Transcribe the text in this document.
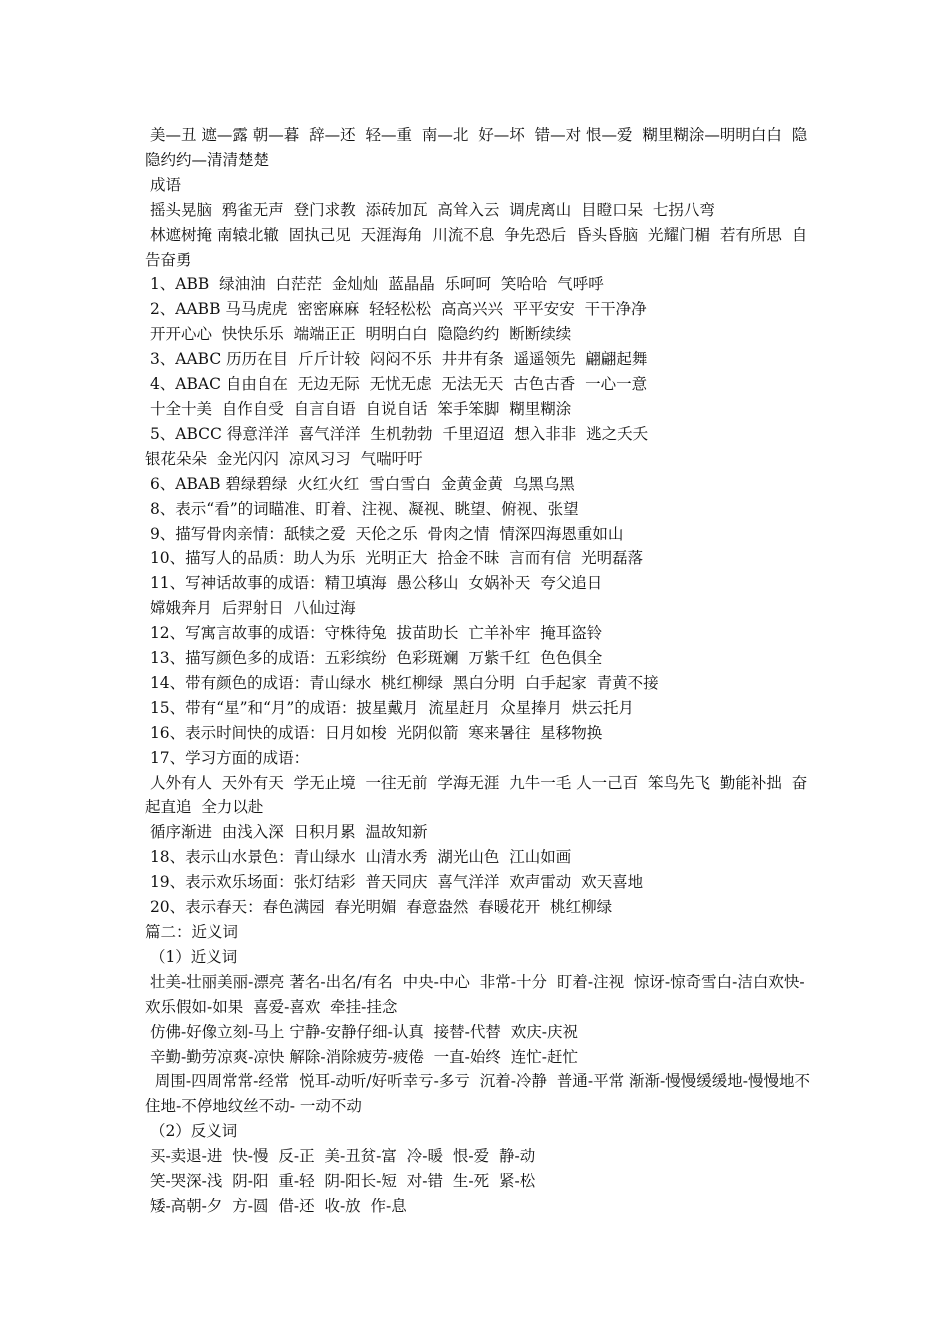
美—丑 遮—露 朝—暮  辞—还  轻—重  南—北  好—坏  错—对 恨—爱  糊里糊涂—明明白白  隐隐约约—清清楚楚

成语

摇头晃脑  鸦雀无声  登门求教  添砖加瓦  高耸入云  调虎离山  目瞪口呆  七拐八弯

林遮树掩 南辕北辙  固执己见  天涯海角  川流不息  争先恐后  昏头昏脑  光耀门楣  若有所思  自告奋勇

1、ABB  绿油油  白茫茫  金灿灿  蓝晶晶  乐呵呵  笑哈哈  气呼呼

2、AABB 马马虎虎  密密麻麻  轻轻松松  高高兴兴  平平安安  干干净净

开开心心  快快乐乐  端端正正  明明白白  隐隐约约  断断续续

3、AABC 历历在目  斤斤计较  闷闷不乐  井井有条  遥遥领先  翩翩起舞

4、ABAC 自由自在  无边无际  无忧无虑  无法无天  古色古香  一心一意

十全十美  自作自受  自言自语  自说自话  笨手笨脚  糊里糊涂

5、ABCC 得意洋洋  喜气洋洋  生机勃勃  千里迢迢  想入非非  逃之夭夭

银花朵朵  金光闪闪  凉风习习  气喘吁吁

6、ABAB 碧绿碧绿  火红火红  雪白雪白  金黄金黄  乌黑乌黑

8、表示“看”的词瞄准、盯着、注视、凝视、眺望、俯视、张望

9、描写骨肉亲情：舐犊之爱  天伦之乐  骨肉之情  情深四海恩重如山

10、描写人的品质：助人为乐  光明正大  拾金不昧  言而有信  光明磊落

11、写神话故事的成语：精卫填海  愚公移山  女娲补天  夸父追日

嫦娥奔月  后羿射日  八仙过海

12、写寓言故事的成语：守株待兔  拔苗助长  亡羊补牢  掩耳盗铃

13、描写颜色多的成语：五彩缤纷  色彩斑斓  万紫千红  色色俱全

14、带有颜色的成语：青山绿水  桃红柳绿  黑白分明  白手起家  青黄不接

15、带有“星”和“月”的成语：披星戴月  流星赶月  众星捧月  烘云托月

16、表示时间快的成语：日月如梭  光阴似箭  寒来暑往  星移物换

17、学习方面的成语：

人外有人  天外有天  学无止境  一往无前  学海无涯  九牛一毛 人一己百  笨鸟先飞  勤能补拙  奋起直追  全力以赴

循序渐进  由浅入深  日积月累  温故知新

18、表示山水景色：青山绿水  山清水秀  湖光山色  江山如画

19、表示欢乐场面：张灯结彩  普天同庆  喜气洋洋  欢声雷动  欢天喜地

20、表示春天：春色满园  春光明媚  春意盎然  春暖花开  桃红柳绿

篇二：近义词

（1）近义词

壮美-壮丽美丽-漂亮 著名-出名/有名  中央-中心  非常-十分  盯着-注视  惊讶-惊奇雪白-洁白欢快-欢乐假如-如果  喜爱-喜欢  牵挂-挂念

仿佛-好像立刻-马上 宁静-安静仔细-认真  接替-代替  欢庆-庆祝

辛勤-勤劳凉爽-凉快 解除-消除疲劳-疲倦  一直-始终  连忙-赶忙

周围-四周常常-经常  悦耳-动听/好听幸亏-多亏  沉着-冷静  普通-平常 渐渐-慢慢缓缓地-慢慢地不住地-不停地纹丝不动- 一动不动

（2）反义词

买-卖退-进  快-慢  反-正  美-丑贫-富  冷-暖  恨-爱  静-动

笑-哭深-浅  阴-阳  重-轻  阴-阳长-短  对-错  生-死  紧-松

矮-高朝-夕  方-圆  借-还  收-放  作-息
